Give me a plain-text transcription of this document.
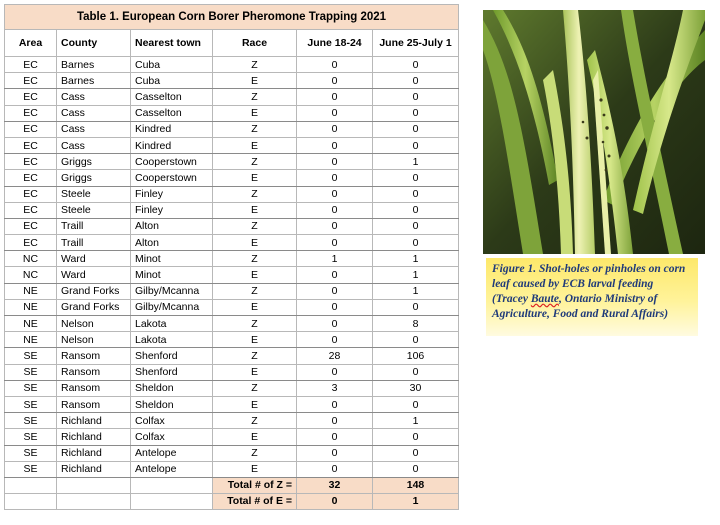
Table 1. European Corn Borer Pheromone Trapping 2021					
Area	County	Nearest town	Race	June 18-24	June 25-July 1
EC	Barnes	Cuba	Z	0	0
EC	Barnes	Cuba	E	0	0
EC	Cass	Casselton	Z	0	0
EC	Cass	Casselton	E	0	0
EC	Cass	Kindred	Z	0	0
EC	Cass	Kindred	E	0	0
EC	Griggs	Cooperstown	Z	0	1
EC	Griggs	Cooperstown	E	0	0
EC	Steele	Finley	Z	0	0
EC	Steele	Finley	E	0	0
EC	Traill	Alton	Z	0	0
EC	Traill	Alton	E	0	0
NC	Ward	Minot	Z	1	1
NC	Ward	Minot	E	0	1
NE	Grand Forks	Gilby/Mcanna	Z	0	1
NE	Grand Forks	Gilby/Mcanna	E	0	0
NE	Nelson	Lakota	Z	0	8
NE	Nelson	Lakota	E	0	0
SE	Ransom	Shenford	Z	28	106
SE	Ransom	Shenford	E	0	0
SE	Ransom	Sheldon	Z	3	30
SE	Ransom	Sheldon	E	0	0
SE	Richland	Colfax	Z	0	1
SE	Richland	Colfax	E	0	0
SE	Richland	Antelope	Z	0	0
SE	Richland	Antelope	E	0	0
			Total # of Z =	32	148
			Total # of E =	0	1
Figure 1. Shot-holes or pinholes on corn leaf caused by ECB larval feeding (Tracey Baute, Ontario Ministry of Agriculture, Food and Rural Affairs)
